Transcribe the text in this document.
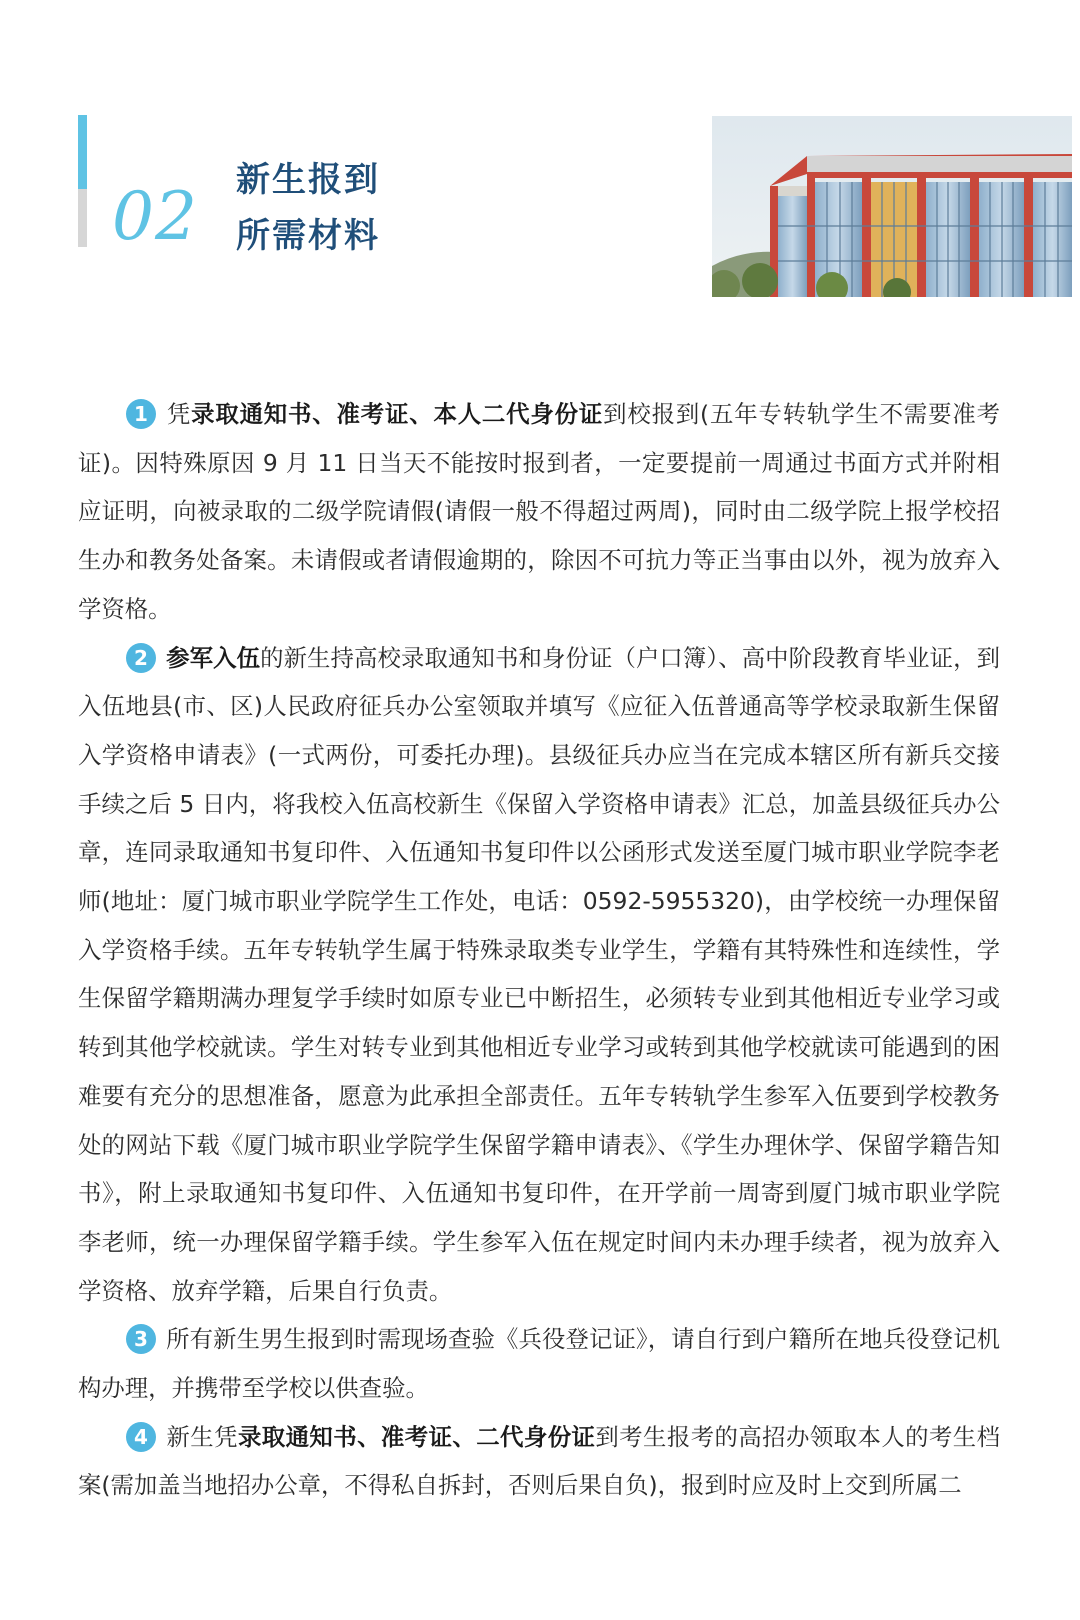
02 新生报到
所需材料

1 凭录取通知书、准考证、本人二代身份证到校报到(五年专转轨学生不需要准考证)。因特殊原因 9 月 11 日当天不能按时报到者，一定要提前一周通过书面方式并附相应证明，向被录取的二级学院请假(请假一般不得超过两周)，同时由二级学院上报学校招生办和教务处备案。未请假或者请假逾期的，除因不可抗力等正当事由以外，视为放弃入学资格。

2 参军入伍的新生持高校录取通知书和身份证（户口簿）、高中阶段教育毕业证，到入伍地县(市、区)人民政府征兵办公室领取并填写《应征入伍普通高等学校录取新生保留入学资格申请表》(一式两份，可委托办理)。县级征兵办应当在完成本辖区所有新兵交接手续之后 5 日内，将我校入伍高校新生《保留入学资格申请表》汇总，加盖县级征兵办公章，连同录取通知书复印件、入伍通知书复印件以公函形式发送至厦门城市职业学院李老师(地址：厦门城市职业学院学生工作处，电话：0592-5955320)，由学校统一办理保留入学资格手续。五年专转轨学生属于特殊录取类专业学生，学籍有其特殊性和连续性，学生保留学籍期满办理复学手续时如原专业已中断招生，必须转专业到其他相近专业学习或转到其他学校就读。学生对转专业到其他相近专业学习或转到其他学校就读可能遇到的困难要有充分的思想准备，愿意为此承担全部责任。五年专转轨学生参军入伍要到学校教务处的网站下载《厦门城市职业学院学生保留学籍申请表》、《学生办理休学、保留学籍告知书》，附上录取通知书复印件、入伍通知书复印件，在开学前一周寄到厦门城市职业学院李老师，统一办理保留学籍手续。学生参军入伍在规定时间内未办理手续者，视为放弃入学资格、放弃学籍，后果自行负责。

3 所有新生男生报到时需现场查验《兵役登记证》，请自行到户籍所在地兵役登记机构办理，并携带至学校以供查验。

4 新生凭录取通知书、准考证、二代身份证到考生报考的高招办领取本人的考生档案(需加盖当地招办公章，不得私自拆封，否则后果自负)，报到时应及时上交到所属二
